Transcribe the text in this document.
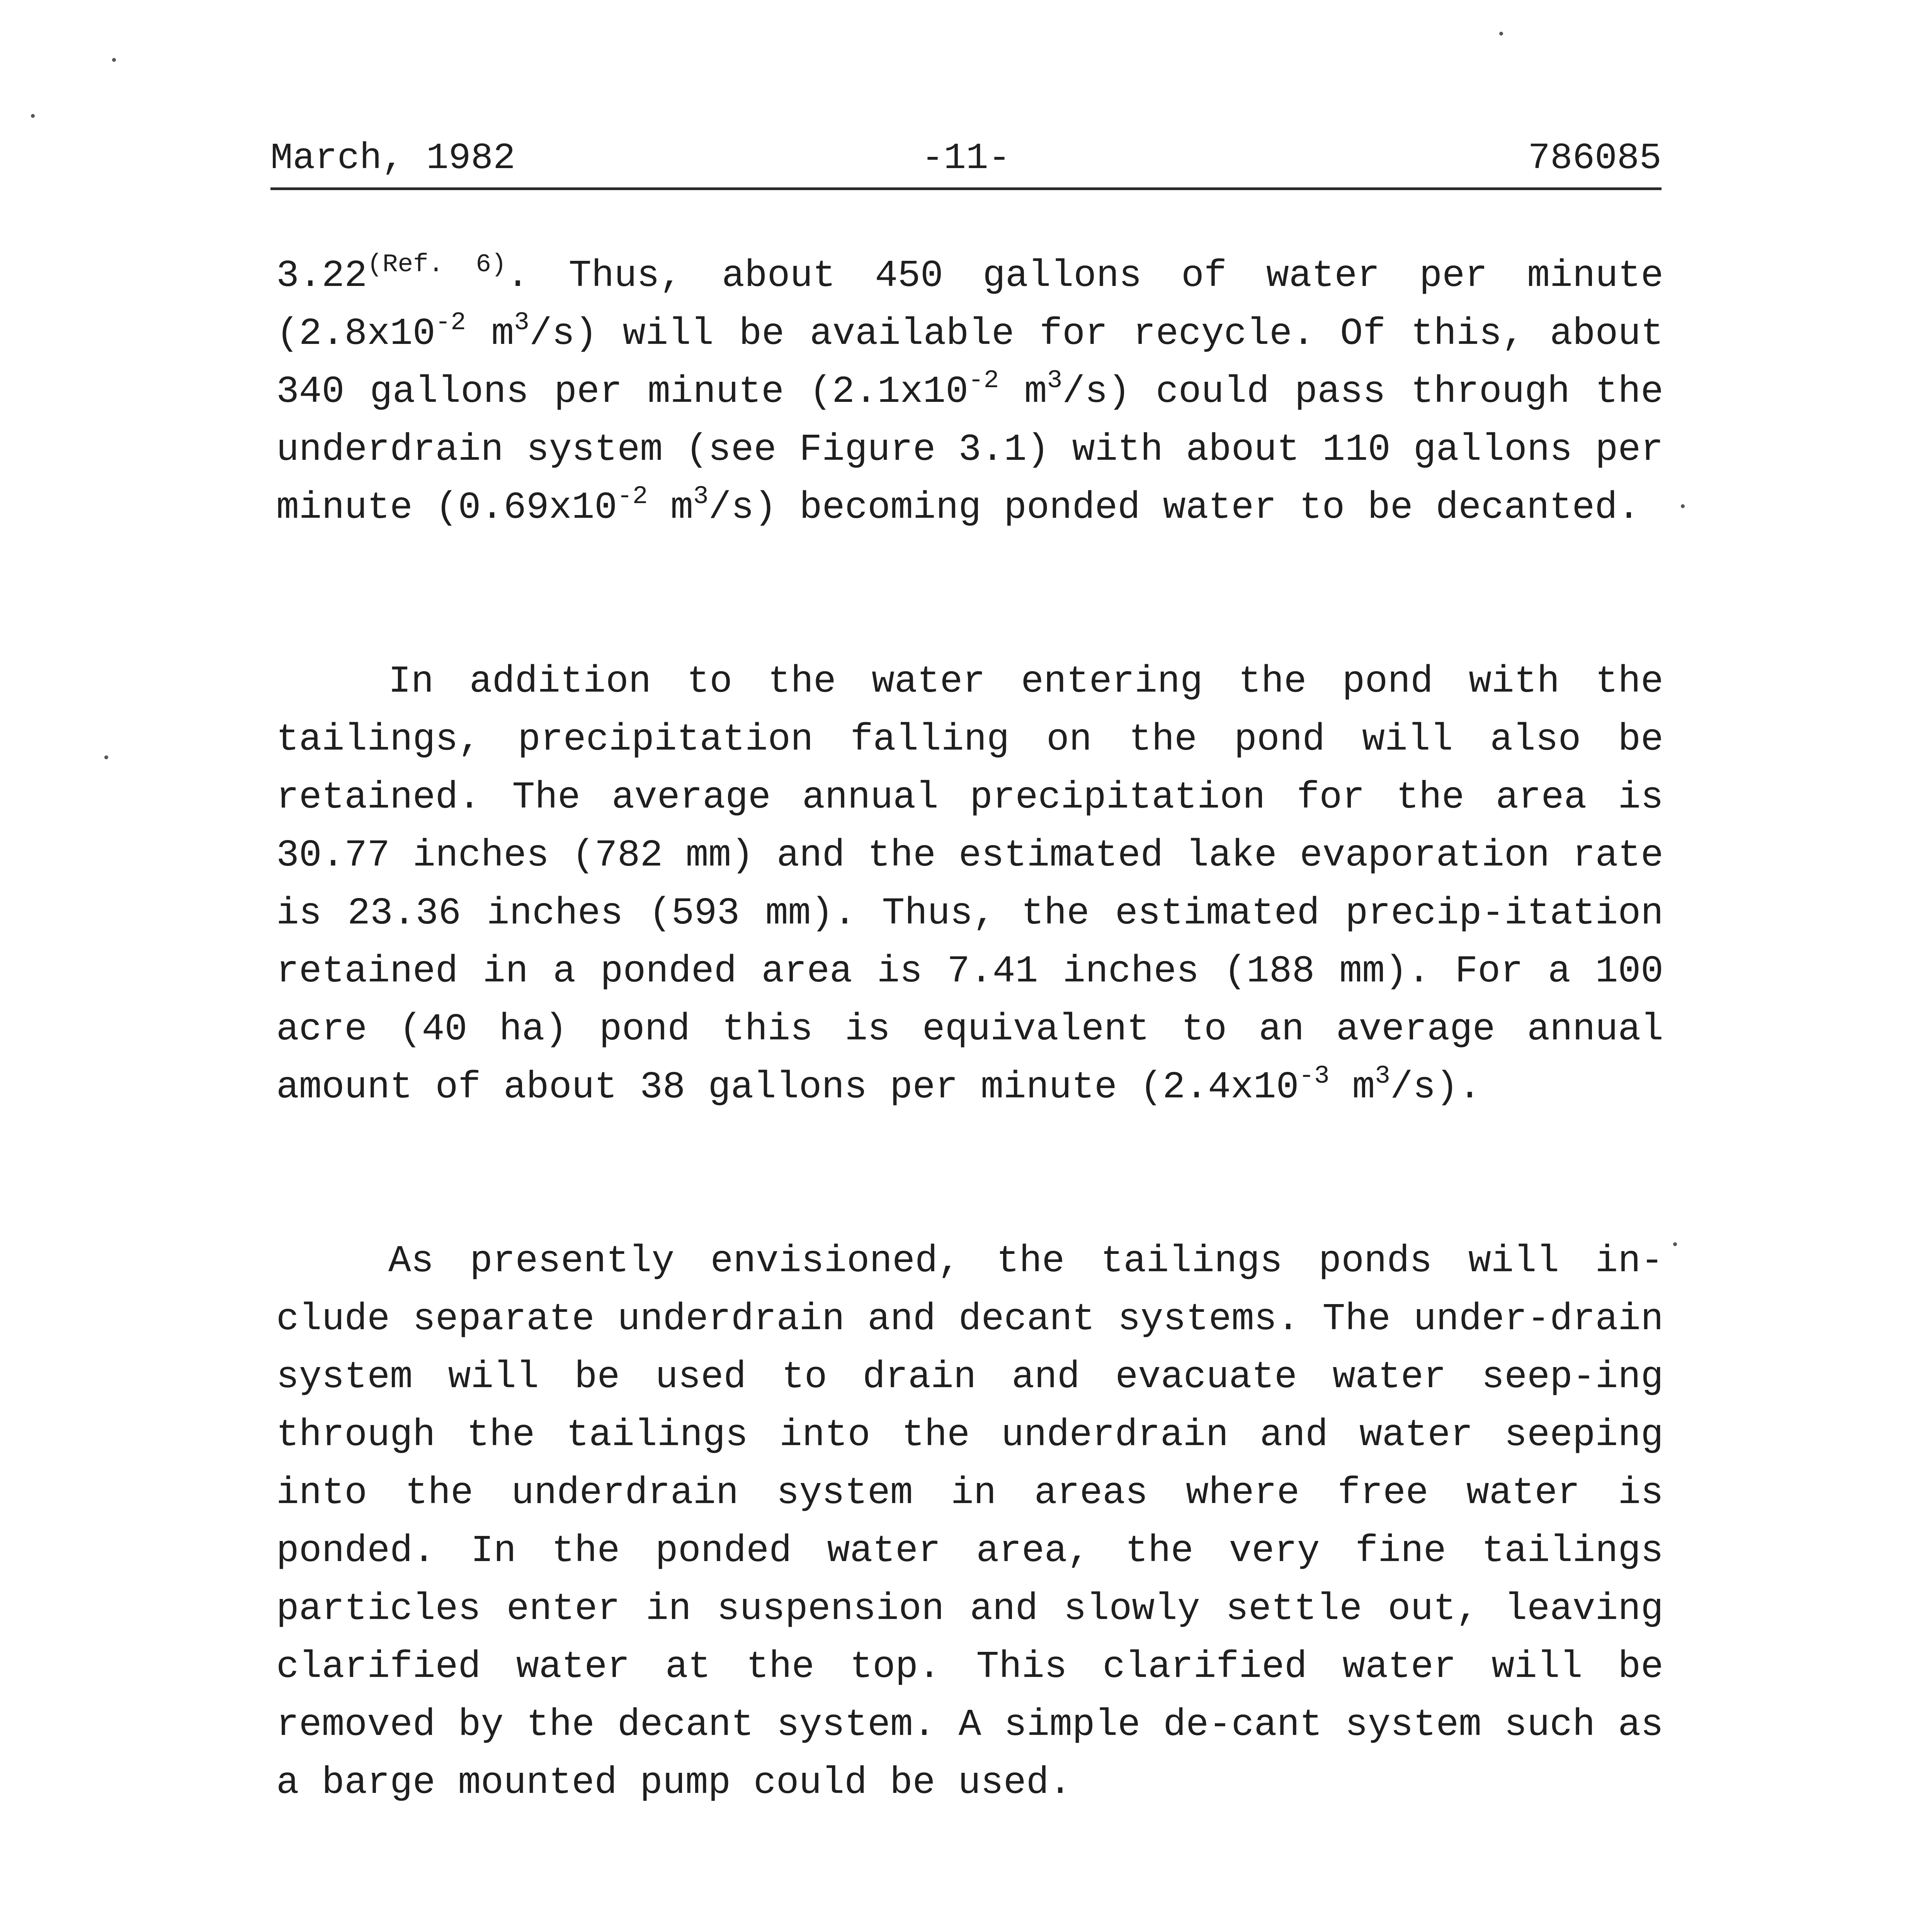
March, 1982	-11-	786085

$3.22^{(Ref. 6)}$. Thus, about 450 gallons of water per minute ($2.8x10^{-2}$ $m^3/s$) will be available for recycle. Of this, about 340 gallons per minute ($2.1x10^{-2}$ $m^3/s$) could pass through the underdrain system (see Figure 3.1) with about 110 gallons per minute ($0.69x10^{-2}$ $m^3/s$) becoming ponded water to be decanted.

In addition to the water entering the pond with the tailings, precipitation falling on the pond will also be retained. The average annual precipitation for the area is 30.77 inches (782 mm) and the estimated lake evaporation rate is 23.36 inches (593 mm). Thus, the estimated precip-itation retained in a ponded area is 7.41 inches (188 mm). For a 100 acre (40 ha) pond this is equivalent to an average annual amount of about 38 gallons per minute ($2.4x10^{-3}$ $m^3/s$).

As presently envisioned, the tailings ponds will in-clude separate underdrain and decant systems. The under-drain system will be used to drain and evacuate water seep-ing through the tailings into the underdrain and water seeping into the underdrain system in areas where free water is ponded. In the ponded water area, the very fine tailings particles enter in suspension and slowly settle out, leaving clarified water at the top. This clarified water will be removed by the decant system. A simple de-cant system such as a barge mounted pump could be used.
